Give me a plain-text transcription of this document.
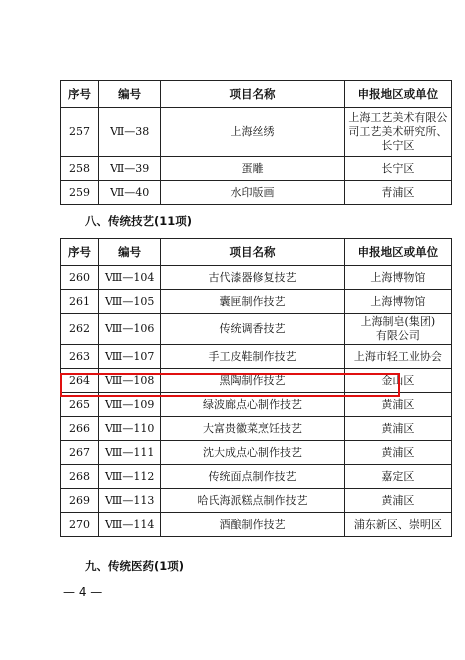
序号	编号	项目名称	申报地区或单位
257	Ⅶ—38	上海丝绣	上海工艺美术有限公司工艺美术研究所、长宁区
258	Ⅶ—39	蛋雕	长宁区
259	Ⅶ—40	水印版画	青浦区
八、传统技艺(11项)
序号	编号	项目名称	申报地区或单位
260	Ⅷ—104	古代漆器修复技艺	上海博物馆
261	Ⅷ—105	囊匣制作技艺	上海博物馆
262	Ⅷ—106	传统调香技艺	上海制皂(集团)有限公司
263	Ⅷ—107	手工皮鞋制作技艺	上海市轻工业协会
264	Ⅷ—108	黑陶制作技艺	金山区
265	Ⅷ—109	绿波廊点心制作技艺	黄浦区
266	Ⅷ—110	大富贵徽菜烹饪技艺	黄浦区
267	Ⅷ—111	沈大成点心制作技艺	黄浦区
268	Ⅷ—112	传统面点制作技艺	嘉定区
269	Ⅷ—113	哈氏海派糕点制作技艺	黄浦区
270	Ⅷ—114	酒酿制作技艺	浦东新区、崇明区
九、传统医药(1项)
— 4 —
